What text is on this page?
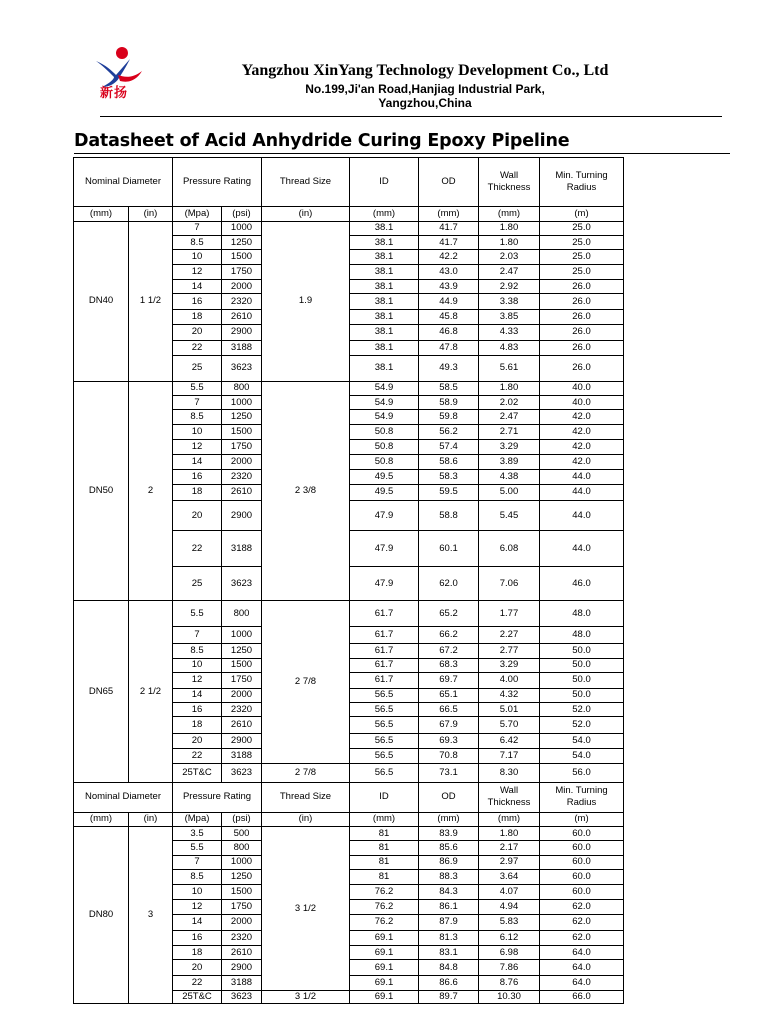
新扬
Yangzhou XinYang Technology Development Co., Ltd
No.199,Ji'an Road,Hanjiag Industrial Park,
Yangzhou,China
Datasheet of Acid Anhydride Curing Epoxy Pipeline
Nominal Diameter		Pressure Rating		Thread Size	ID	OD	Wall Thickness	Min. Turning Radius
(mm)	(in)	(Mpa)	(psi)	(in)	(mm)	(mm)	(mm)	(m)
DN40	1 1/2	7	1000	1.9	38.1	41.7	1.80	25.0
		8.5	1250		38.1	41.7	1.80	25.0
		10	1500		38.1	42.2	2.03	25.0
		12	1750		38.1	43.0	2.47	25.0
		14	2000		38.1	43.9	2.92	26.0
		16	2320		38.1	44.9	3.38	26.0
		18	2610		38.1	45.8	3.85	26.0
		20	2900		38.1	46.8	4.33	26.0
		22	3188		38.1	47.8	4.83	26.0
		25	3623		38.1	49.3	5.61	26.0
DN50	2	5.5	800	2 3/8	54.9	58.5	1.80	40.0
		7	1000		54.9	58.9	2.02	40.0
		8.5	1250		54.9	59.8	2.47	42.0
		10	1500		50.8	56.2	2.71	42.0
		12	1750		50.8	57.4	3.29	42.0
		14	2000		50.8	58.6	3.89	42.0
		16	2320		49.5	58.3	4.38	44.0
		18	2610		49.5	59.5	5.00	44.0
		20	2900		47.9	58.8	5.45	44.0
		22	3188		47.9	60.1	6.08	44.0
		25	3623		47.9	62.0	7.06	46.0
DN65	2 1/2	5.5	800	2 7/8	61.7	65.2	1.77	48.0
		7	1000		61.7	66.2	2.27	48.0
		8.5	1250		61.7	67.2	2.77	50.0
		10	1500		61.7	68.3	3.29	50.0
		12	1750		61.7	69.7	4.00	50.0
		14	2000		56.5	65.1	4.32	50.0
		16	2320		56.5	66.5	5.01	52.0
		18	2610		56.5	67.9	5.70	52.0
		20	2900		56.5	69.3	6.42	54.0
		22	3188		56.5	70.8	7.17	54.0
		25T&C	3623	2 7/8	56.5	73.1	8.30	56.0
Nominal Diameter		Pressure Rating		Thread Size	ID	OD	Wall Thickness	Min. Turning Radius
(mm)	(in)	(Mpa)	(psi)	(in)	(mm)	(mm)	(mm)	(m)
DN80	3	3.5	500	3 1/2	81	83.9	1.80	60.0
		5.5	800		81	85.6	2.17	60.0
		7	1000		81	86.9	2.97	60.0
		8.5	1250		81	88.3	3.64	60.0
		10	1500		76.2	84.3	4.07	60.0
		12	1750		76.2	86.1	4.94	62.0
		14	2000		76.2	87.9	5.83	62.0
		16	2320		69.1	81.3	6.12	62.0
		18	2610		69.1	83.1	6.98	64.0
		20	2900		69.1	84.8	7.86	64.0
		22	3188		69.1	86.6	8.76	64.0
		25T&C	3623	3 1/2	69.1	89.7	10.30	66.0
